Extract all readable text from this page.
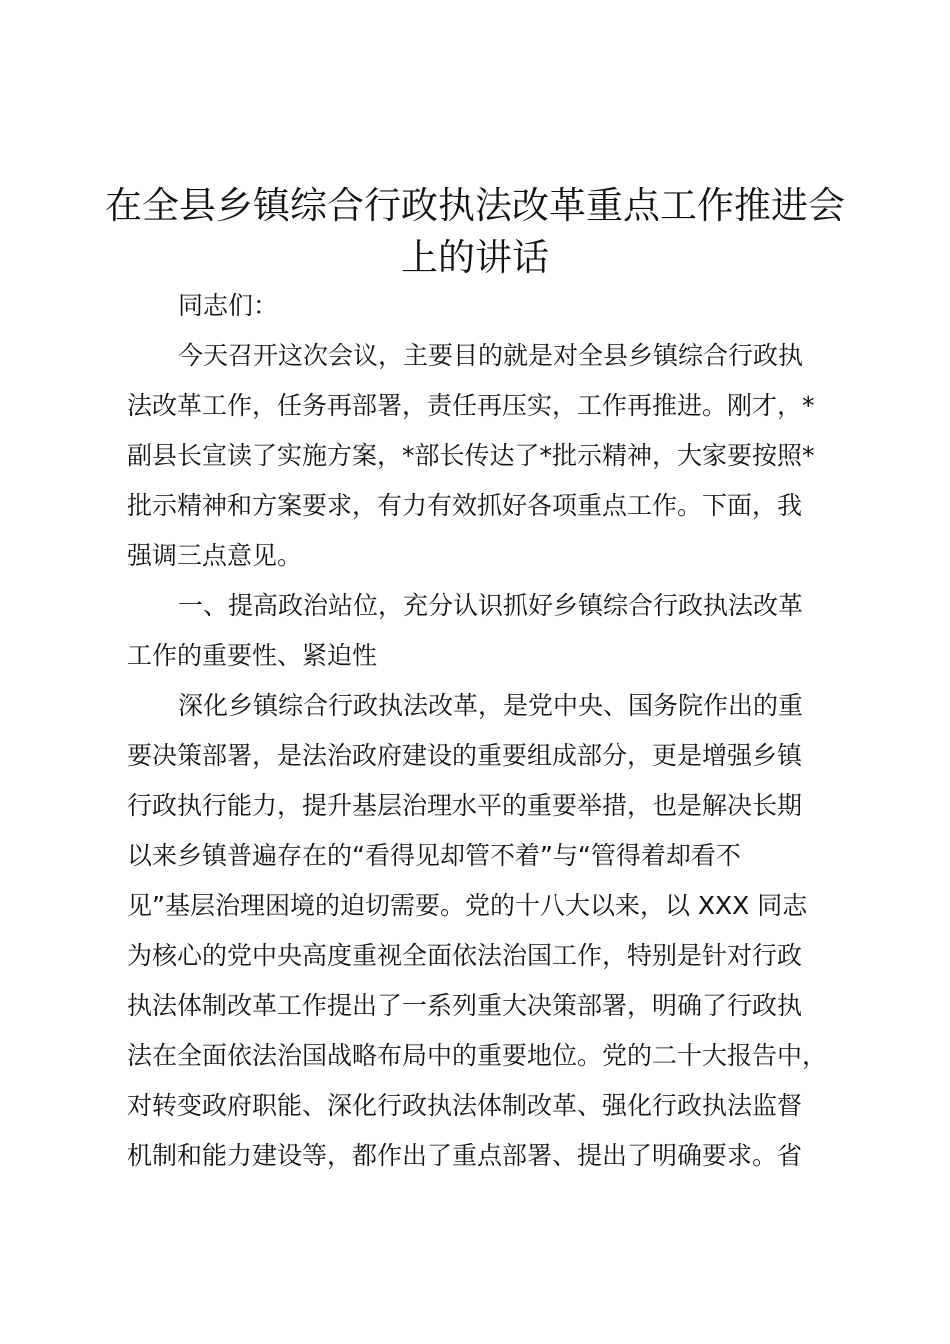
在全县乡镇综合行政执法改革重点工作推进会
上的讲话
同志们：
今天召开这次会议，主要目的就是对全县乡镇综合行政执
法改革工作，任务再部署，责任再压实，工作再推进。刚才，*
副县长宣读了实施方案，*部长传达了*批示精神，大家要按照*
批示精神和方案要求，有力有效抓好各项重点工作。下面，我
强调三点意见。
一、提高政治站位，充分认识抓好乡镇综合行政执法改革
工作的重要性、紧迫性
深化乡镇综合行政执法改革，是党中央、国务院作出的重
要决策部署，是法治政府建设的重要组成部分，更是增强乡镇
行政执行能力，提升基层治理水平的重要举措，也是解决长期
以来乡镇普遍存在的“看得见却管不着”与“管得着却看不
见”基层治理困境的迫切需要。党的十八大以来，以 XXX 同志
为核心的党中央高度重视全面依法治国工作，特别是针对行政
执法体制改革工作提出了一系列重大决策部署，明确了行政执
法在全面依法治国战略布局中的重要地位。党的二十大报告中，
对转变政府职能、深化行政执法体制改革、强化行政执法监督
机制和能力建设等，都作出了重点部署、提出了明确要求。省
